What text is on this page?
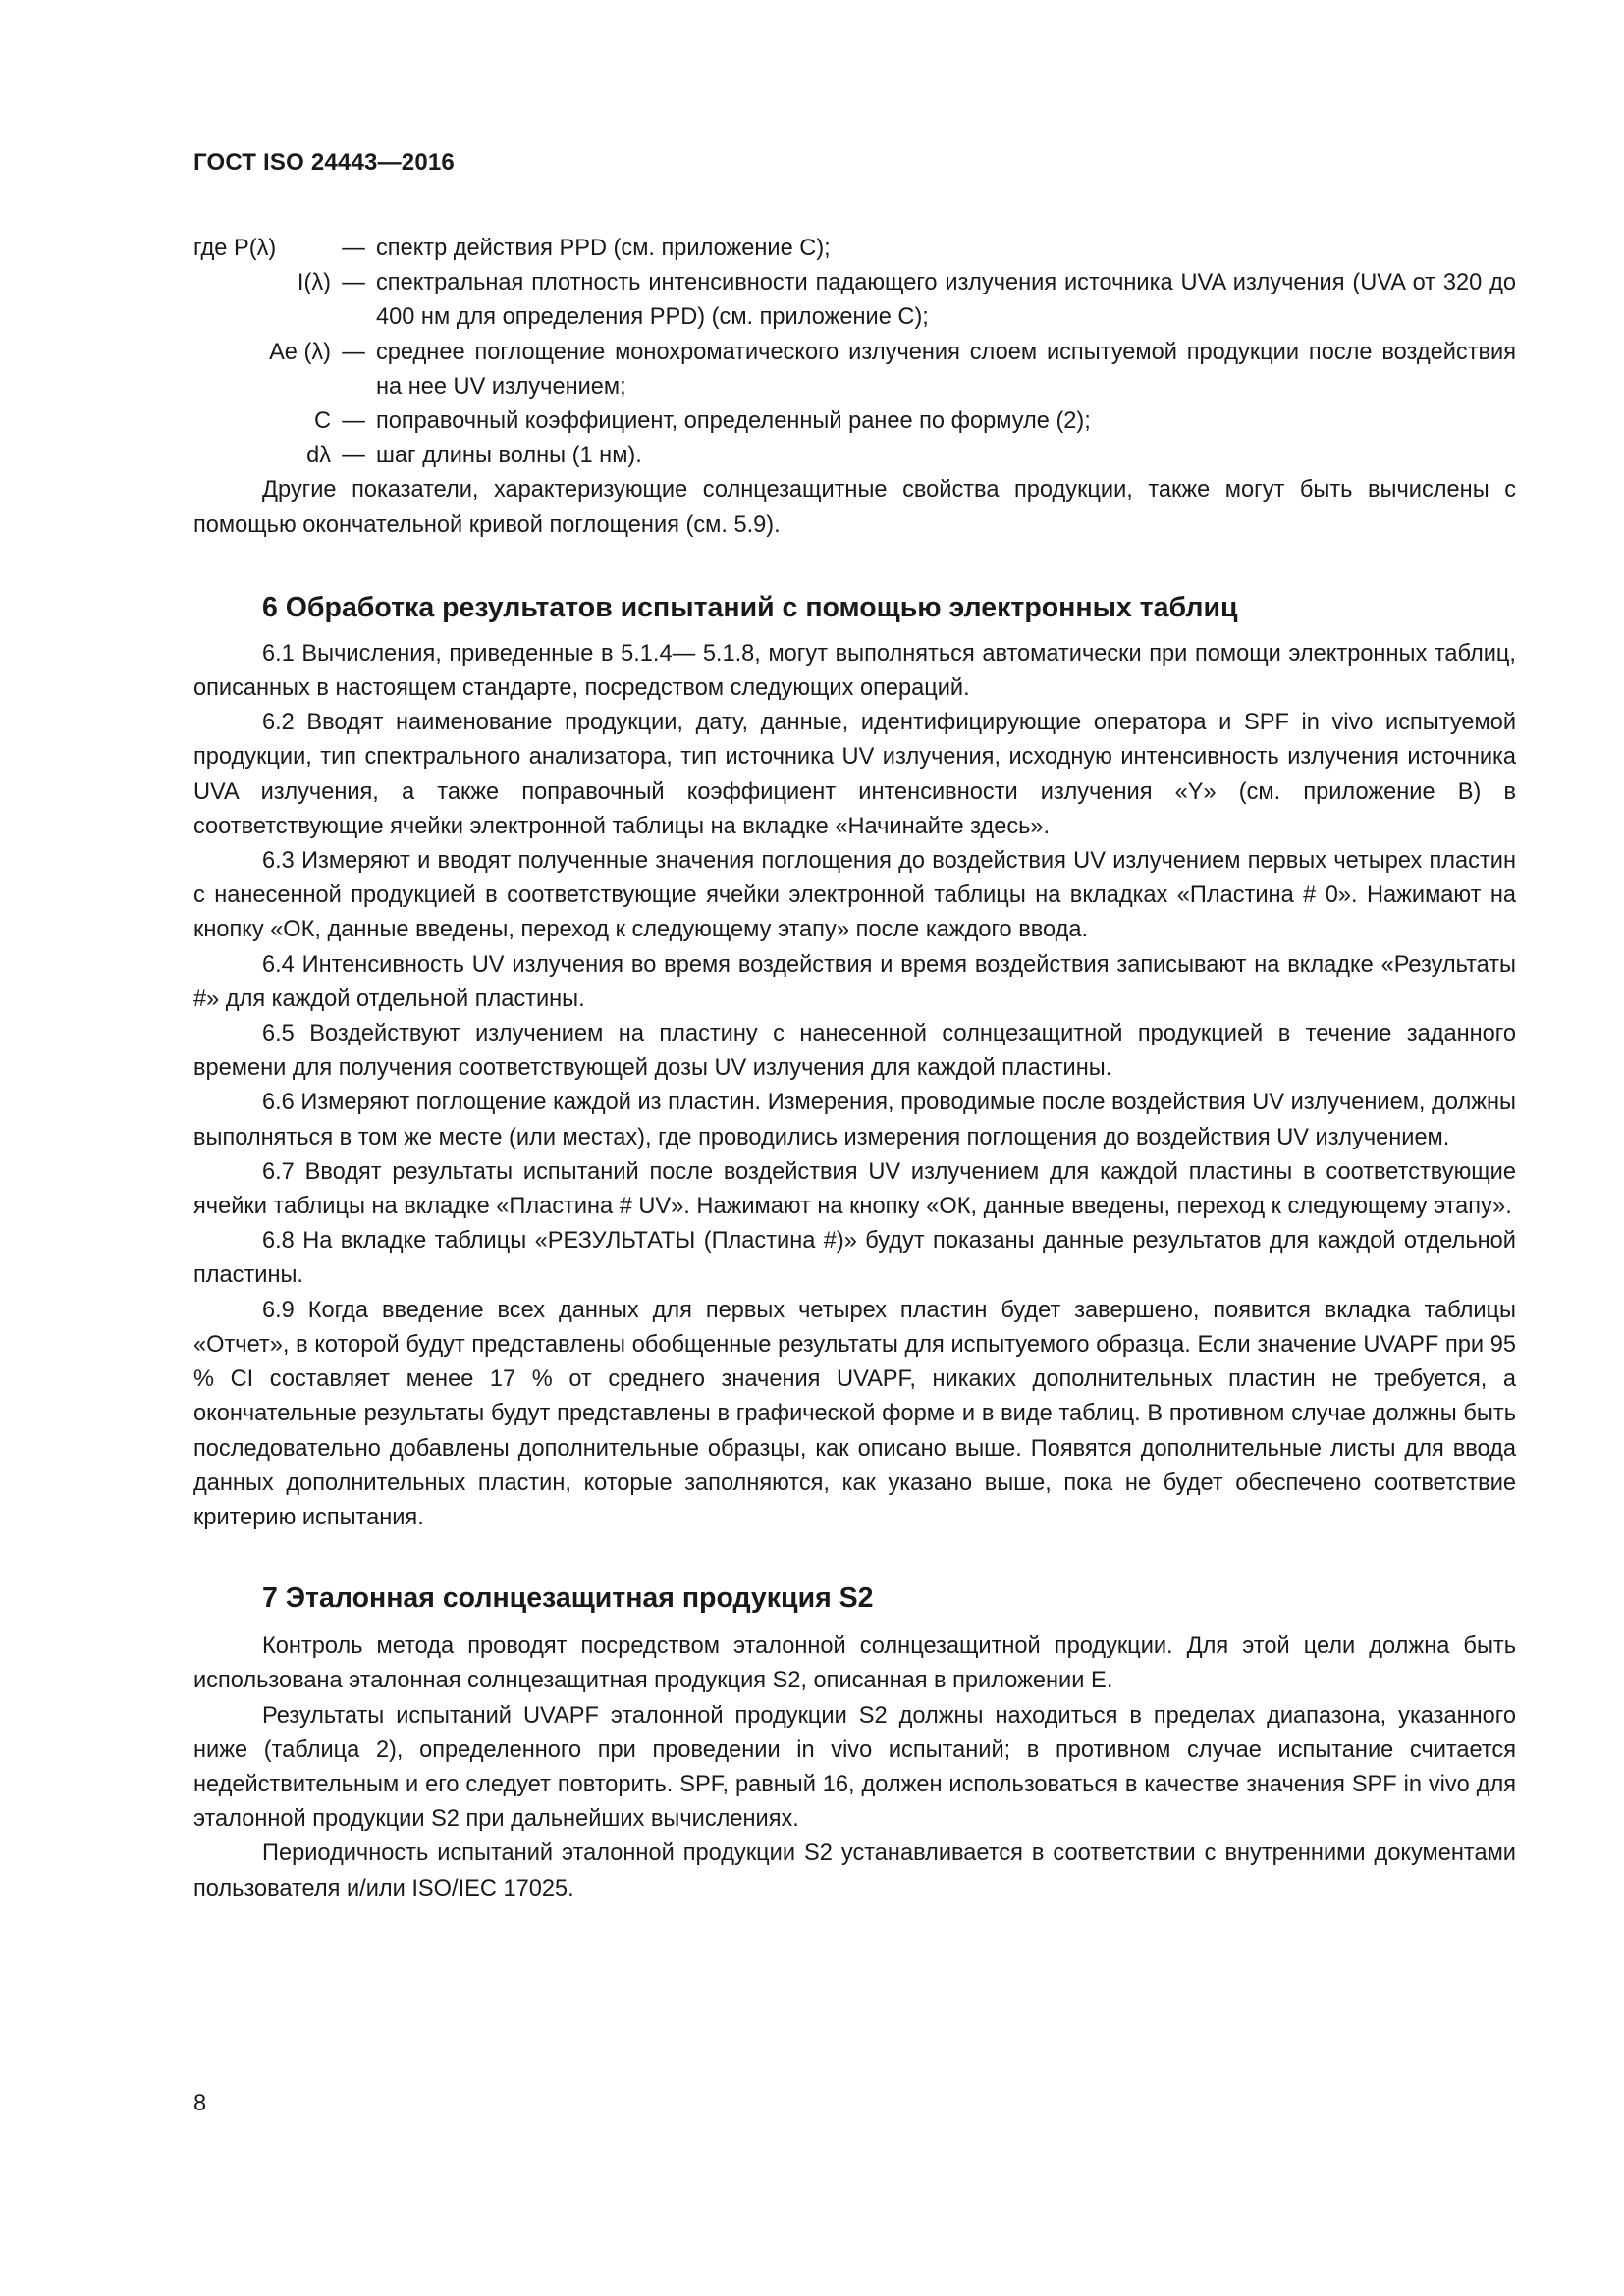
ГОСТ ISO 24443—2016
где P(λ)	— спектр действия PPD (см. приложение С);
I(λ) — спектральная плотность интенсивности падающего излучения источника UVA излучения (UVA от 320 до 400 нм для определения PPD) (см. приложение С);
Ae (λ) — среднее поглощение монохроматического излучения слоем испытуемой продукции после воздействия на нее UV излучением;
C — поправочный коэффициент, определенный ранее по формуле (2);
dλ — шаг длины волны (1 нм).

Другие показатели, характеризующие солнцезащитные свойства продукции, также могут быть вычислены с помощью окончательной кривой поглощения (см. 5.9).

6 Обработка результатов испытаний с помощью электронных таблиц

6.1 Вычисления, приведенные в 5.1.4— 5.1.8, могут выполняться автоматически при помощи электронных таблиц, описанных в настоящем стандарте, посредством следующих операций.

6.2 Вводят наименование продукции, дату, данные, идентифицирующие оператора и SPF in vivo испытуемой продукции, тип спектрального анализатора, тип источника UV излучения, исходную интенсивность излучения источника UVA излучения, а также поправочный коэффициент интенсивности излучения «Y» (см. приложение В) в соответствующие ячейки электронной таблицы на вкладке «Начинайте здесь».

6.3 Измеряют и вводят полученные значения поглощения до воздействия UV излучением первых четырех пластин с нанесенной продукцией в соответствующие ячейки электронной таблицы на вкладках «Пластина # 0». Нажимают на кнопку «ОК, данные введены, переход к следующему этапу» после каждого ввода.

6.4 Интенсивность UV излучения во время воздействия и время воздействия записывают на вкладке «Результаты #» для каждой отдельной пластины.

6.5 Воздействуют излучением на пластину с нанесенной солнцезащитной продукцией в течение заданного времени для получения соответствующей дозы UV излучения для каждой пластины.

6.6 Измеряют поглощение каждой из пластин. Измерения, проводимые после воздействия UV излучением, должны выполняться в том же месте (или местах), где проводились измерения поглощения до воздействия UV излучением.

6.7 Вводят результаты испытаний после воздействия UV излучением для каждой пластины в соответствующие ячейки таблицы на вкладке «Пластина # UV». Нажимают на кнопку «ОК, данные введены, переход к следующему этапу».

6.8 На вкладке таблицы «РЕЗУЛЬТАТЫ (Пластина #)» будут показаны данные результатов для каждой отдельной пластины.

6.9 Когда введение всех данных для первых четырех пластин будет завершено, появится вкладка таблицы «Отчет», в которой будут представлены обобщенные результаты для испытуемого образца. Если значение UVAPF при 95 % CI составляет менее 17 % от среднего значения UVAPF, никаких дополнительных пластин не требуется, а окончательные результаты будут представлены в графической форме и в виде таблиц. В противном случае должны быть последовательно добавлены дополнительные образцы, как описано выше. Появятся дополнительные листы для ввода данных дополнительных пластин, которые заполняются, как указано выше, пока не будет обеспечено соответствие критерию испытания.

7 Эталонная солнцезащитная продукция S2

Контроль метода проводят посредством эталонной солнцезащитной продукции. Для этой цели должна быть использована эталонная солнцезащитная продукция S2, описанная в приложении Е.

Результаты испытаний UVAPF эталонной продукции S2 должны находиться в пределах диапазона, указанного ниже (таблица 2), определенного при проведении in vivo испытаний; в противном случае испытание считается недействительным и его следует повторить. SPF, равный 16, должен использоваться в качестве значения SPF in vivo для эталонной продукции S2 при дальнейших вычислениях.

Периодичность испытаний эталонной продукции S2 устанавливается в соответствии с внутренними документами пользователя и/или ISO/IEC 17025.

8
